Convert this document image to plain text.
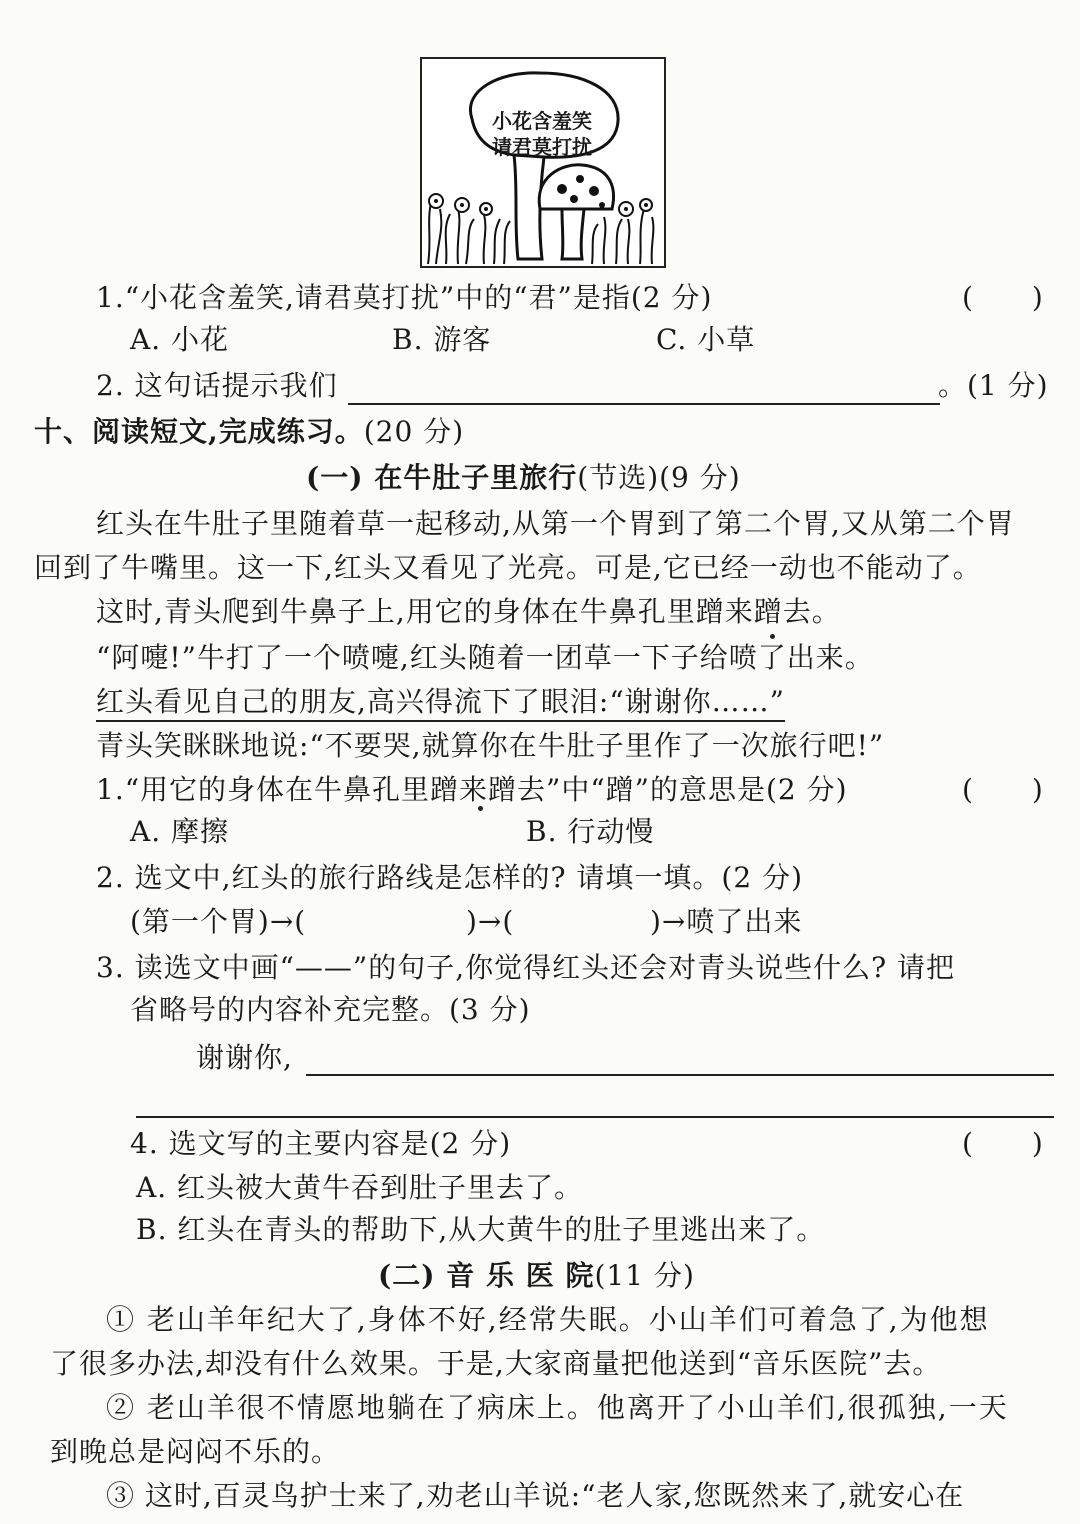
小花含羞笑
请君莫打扰
1.“小花含羞笑,请君莫打扰”中的“君”是指(2 分)	(　　)
A. 小花	B. 游客	C. 小草
2. 这句话提示我们	。(1 分)
十、阅读短文,完成练习。(20 分)
(一) 在牛肚子里旅行(节选)(9 分)
红头在牛肚子里随着草一起移动,从第一个胃到了第二个胃,又从第二个胃
回到了牛嘴里。这一下,红头又看见了光亮。可是,它已经一动也不能动了。
这时,青头爬到牛鼻子上,用它的身体在牛鼻孔里蹭来蹭去。
“阿嚏!”牛打了一个喷嚏,红头随着一团草一下子给喷了出来。
红头看见自己的朋友,高兴得流下了眼泪:“谢谢你……”
青头笑眯眯地说:“不要哭,就算你在牛肚子里作了一次旅行吧!”
1.“用它的身体在牛鼻孔里蹭来蹭去”中“蹭”的意思是(2 分)	(　　)
A. 摩擦	B. 行动慢
2. 选文中,红头的旅行路线是怎样的? 请填一填。(2 分)
(第一个胃)→(	)→(	)→喷了出来
3. 读选文中画“——”的句子,你觉得红头还会对青头说些什么? 请把
省略号的内容补充完整。(3 分)
谢谢你,
4. 选文写的主要内容是(2 分)	(　　)
A. 红头被大黄牛吞到肚子里去了。
B. 红头在青头的帮助下,从大黄牛的肚子里逃出来了。
(二) 音 乐 医 院(11 分)
① 老山羊年纪大了,身体不好,经常失眠。小山羊们可着急了,为他想
了很多办法,却没有什么效果。于是,大家商量把他送到“音乐医院”去。
② 老山羊很不情愿地躺在了病床上。他离开了小山羊们,很孤独,一天
到晚总是闷闷不乐的。
③ 这时,百灵鸟护士来了,劝老山羊说:“老人家,您既然来了,就安心在
